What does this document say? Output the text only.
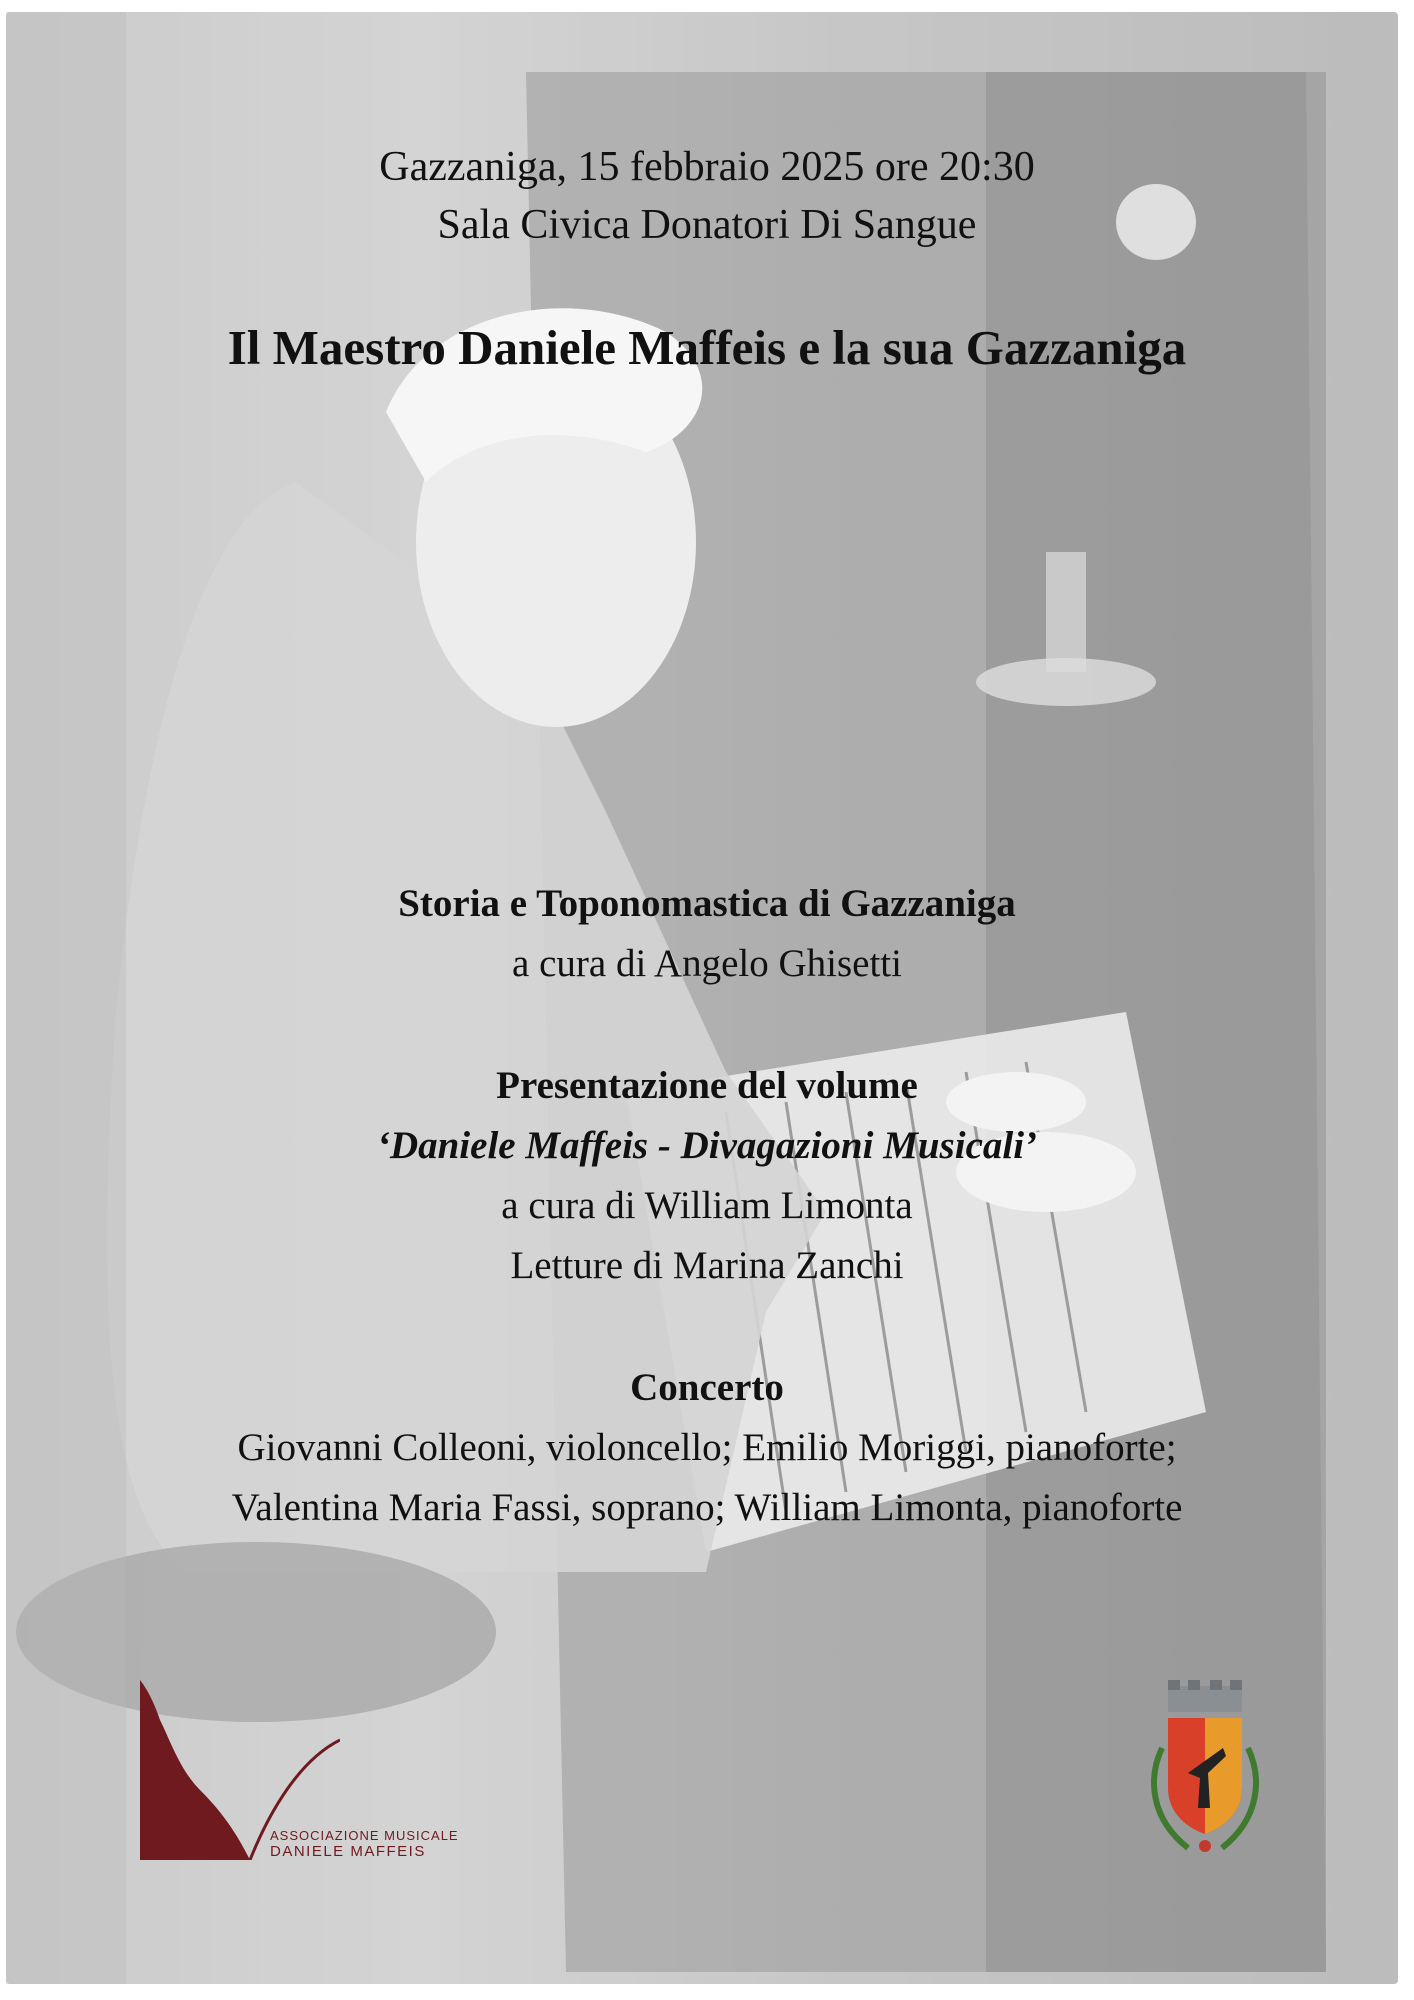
Gazzaniga, 15 febbraio 2025 ore 20:30
Sala Civica Donatori Di Sangue
Il Maestro Daniele Maffeis e la sua Gazzaniga
Storia e Toponomastica di Gazzaniga
a cura di Angelo Ghisetti
Presentazione del volume
‘Daniele Maffeis - Divagazioni Musicali’
a cura di William Limonta
Letture di Marina Zanchi
Concerto
Giovanni Colleoni, violoncello; Emilio Moriggi, pianoforte;
Valentina Maria Fassi, soprano; William Limonta, pianoforte
ASSOCIAZIONE MUSICALE
DANIELE MAFFEIS
